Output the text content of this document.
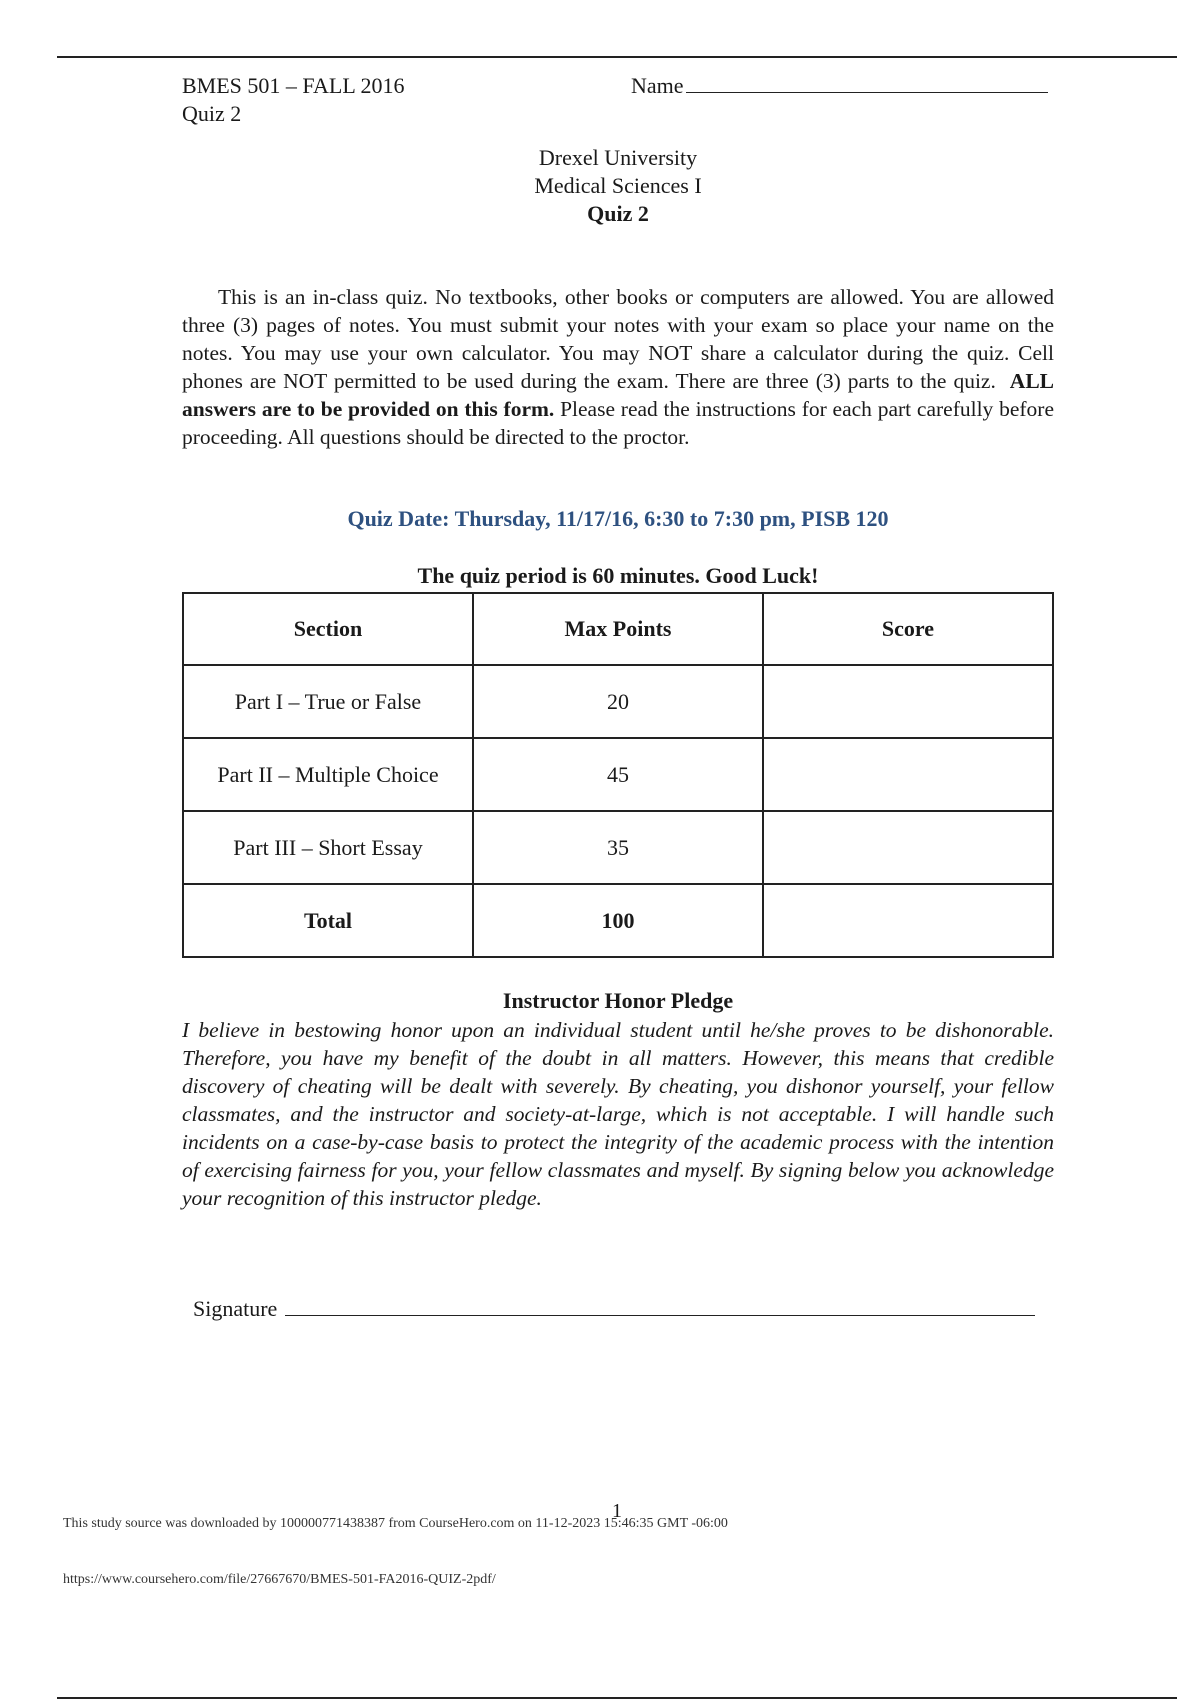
BMES 501 – FALL 2016
Quiz 2
Name
Drexel University
Medical Sciences I
Quiz 2
This is an in-class quiz. No textbooks, other books or computers are allowed. You are allowed three (3) pages of notes. You must submit your notes with your exam so place your name on the notes. You may use your own calculator. You may NOT share a calculator during the quiz. Cell phones are NOT permitted to be used during the exam. There are three (3) parts to the quiz. ALL answers are to be provided on this form. Please read the instructions for each part carefully before proceeding. All questions should be directed to the proctor.
Quiz Date: Thursday, 11/17/16, 6:30 to 7:30 pm, PISB 120
The quiz period is 60 minutes. Good Luck!
Section	Max Points	Score
Part I – True or False	20	
Part II – Multiple Choice	45	
Part III – Short Essay	35	
Total	100	
Instructor Honor Pledge
I believe in bestowing honor upon an individual student until he/she proves to be dishonorable. Therefore, you have my benefit of the doubt in all matters. However, this means that credible discovery of cheating will be dealt with severely. By cheating, you dishonor yourself, your fellow classmates, and the instructor and society-at-large, which is not acceptable. I will handle such incidents on a case-by-case basis to protect the integrity of the academic process with the intention of exercising fairness for you, your fellow classmates and myself. By signing below you acknowledge your recognition of this instructor pledge.
Signature
1
This study source was downloaded by 100000771438387 from CourseHero.com on 11-12-2023 15:46:35 GMT -06:00
https://www.coursehero.com/file/27667670/BMES-501-FA2016-QUIZ-2pdf/
